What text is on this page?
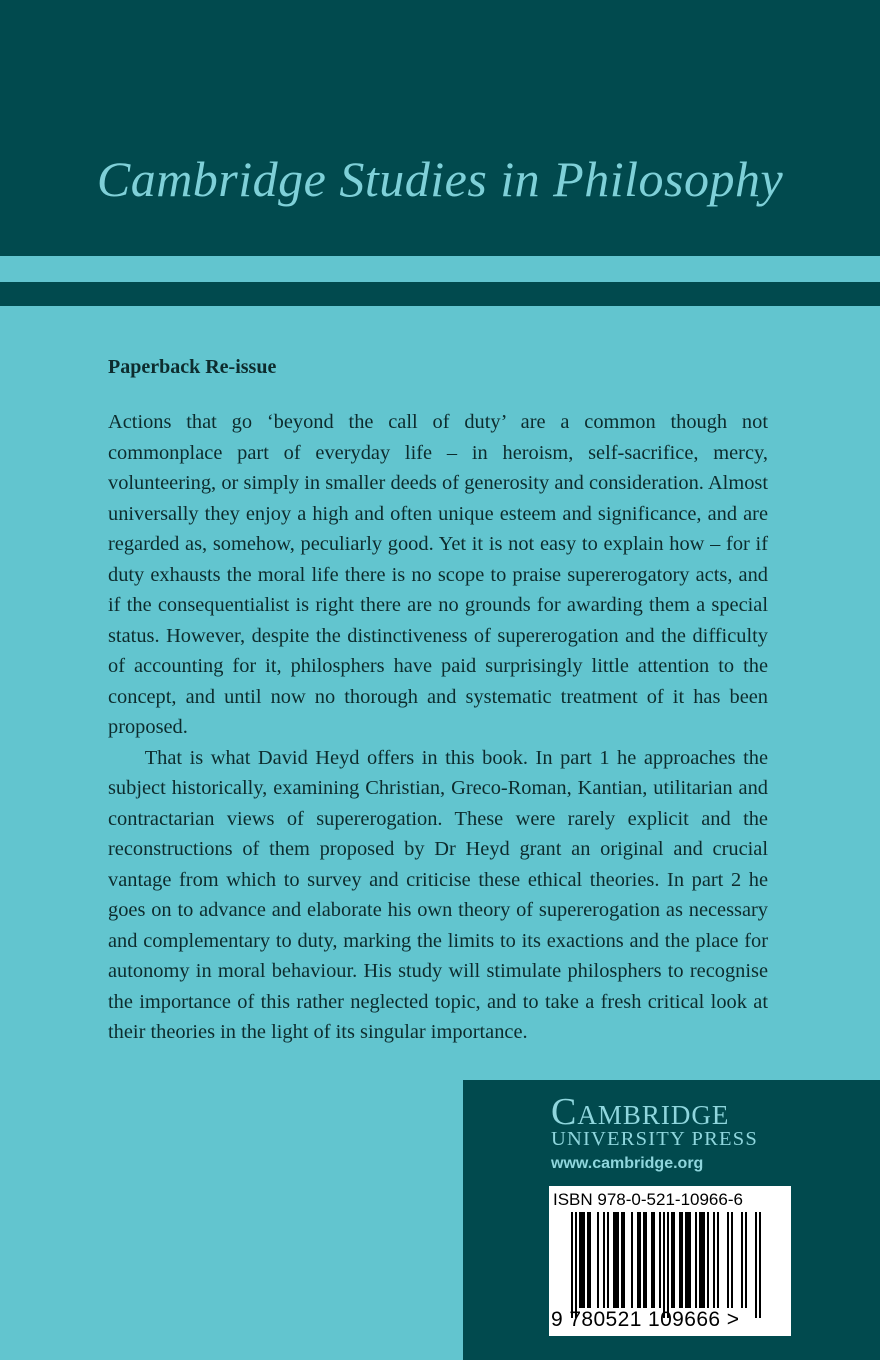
Cambridge Studies in Philosophy
Paperback Re-issue

Actions that go ‘beyond the call of duty’ are a common though not commonplace part of everyday life – in heroism, self-sacrifice, mercy, volunteering, or simply in smaller deeds of generosity and consideration. Almost universally they enjoy a high and often unique esteem and significance, and are regarded as, somehow, peculiarly good. Yet it is not easy to explain how – for if duty exhausts the moral life there is no scope to praise supererogatory acts, and if the consequentialist is right there are no grounds for awarding them a special status. However, despite the distinctiveness of supererogation and the difficulty of accounting for it, philosphers have paid surprisingly little attention to the concept, and until now no thorough and systematic treatment of it has been proposed.

That is what David Heyd offers in this book. In part 1 he approaches the subject historically, examining Christian, Greco-Roman, Kantian, utilitarian and contractarian views of supererogation. These were rarely explicit and the reconstructions of them proposed by Dr Heyd grant an original and crucial vantage from which to survey and criticise these ethical theories. In part 2 he goes on to advance and elaborate his own theory of supererogation as necessary and complementary to duty, marking the limits to its exactions and the place for autonomy in moral behaviour. His study will stimulate philosphers to recognise the importance of this rather neglected topic, and to take a fresh critical look at their theories in the light of its singular importance.

Cambridge
UNIVERSITY PRESS
www.cambridge.org
ISBN 978-0-521-10966-6
9 780521 109666 >
